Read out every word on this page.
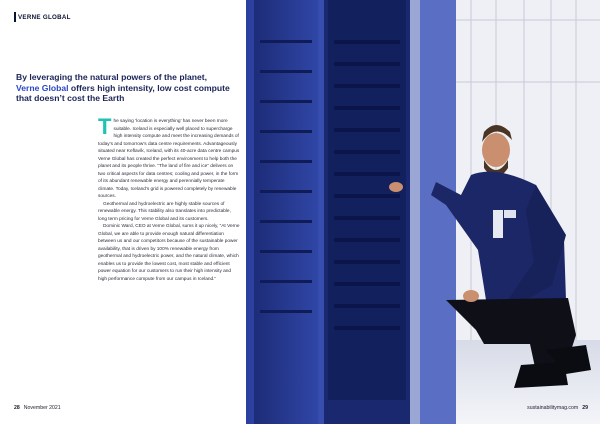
VERNE GLOBAL
By leveraging the natural powers of the planet,
Verne Global offers high intensity, low cost compute that doesn’t cost the Earth

The saying ‘location is everything’ has never been more suitable. Iceland is especially well placed to supercharge high intensity compute and meet the increasing demands of today’s and tomorrow’s data centre requirements. Advantageously situated near Keflavík, Iceland, with its 40-acre data centre campus Verne Global has created the perfect environment to help both the planet and its people thrive. “The land of fire and ice” delivers on two critical aspects for data centres; cooling and power, in the form of its abundant renewable energy and perennially temperate climate. Today, Iceland’s grid is powered completely by renewable sources.

Geothermal and hydroelectric are highly stable sources of renewable energy. This stability also translates into predictable, long term pricing for Verne Global and its customers.

Dominic Ward, CEO at Verne Global, sums it up nicely, “At Verne Global, we are able to provide enough natural differentiation between us and our competitors because of the sustainable power availability, that is driven by 100% renewable energy from geothermal and hydroelectric power, and the natural climate, which enables us to provide the lowest cost, most stable and efficient power equation for our customers to run their high intensity and high performance compute from our campus in Iceland.”

28 November 2021	sustainabilitymag.com 29
